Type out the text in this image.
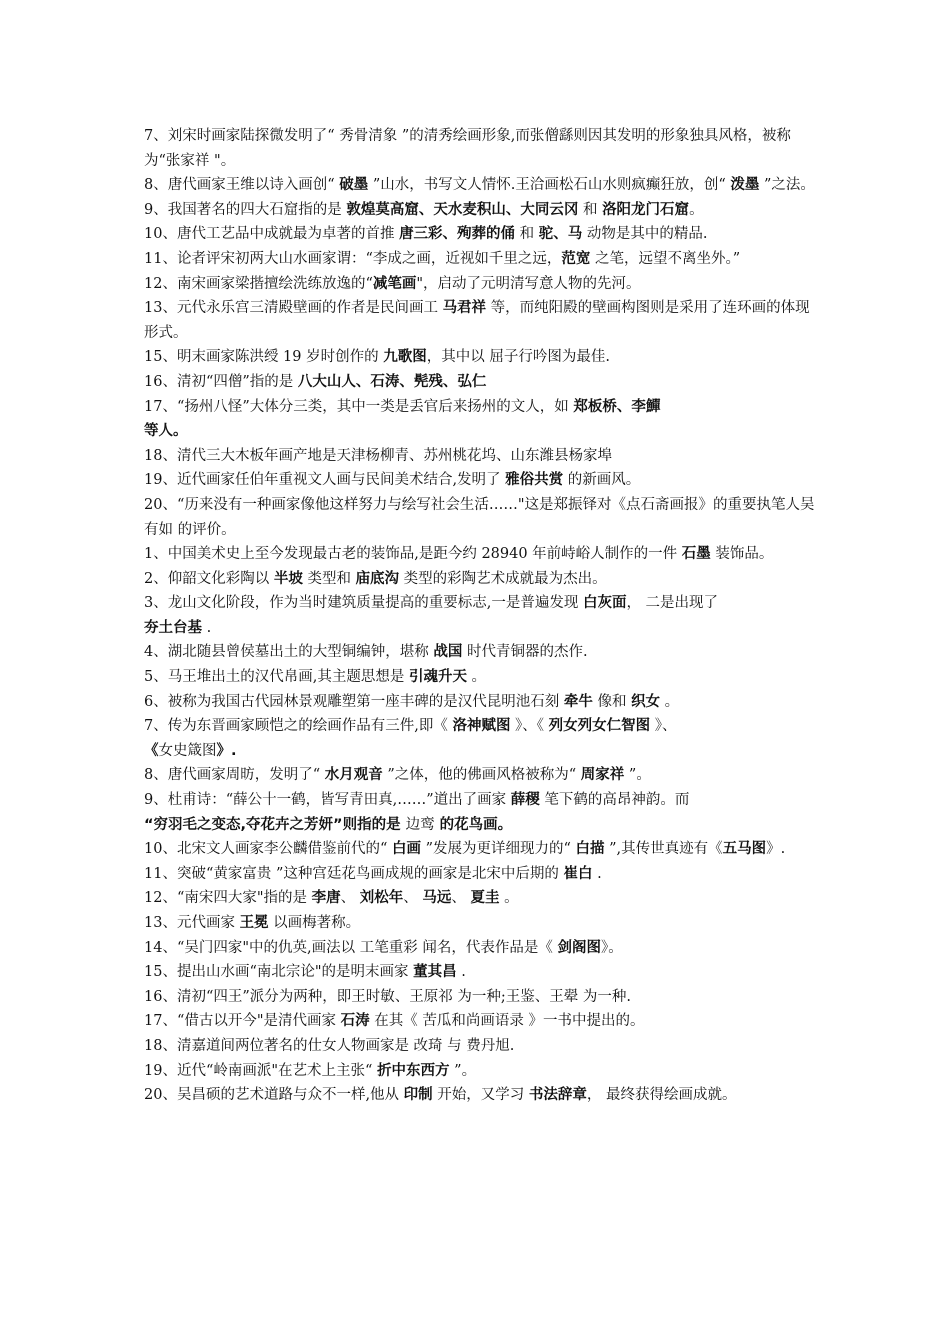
7、刘宋时画家陆探微发明了“ 秀骨清象 ”的清秀绘画形象,而张僧繇则因其发明的形象独具风格，被称为“张家祥 "。

8、唐代画家王维以诗入画创“ 破墨 ”山水，书写文人情怀.王洽画松石山水则疯癫狂放，创“ 泼墨 ”之法。

9、我国著名的四大石窟指的是 敦煌莫高窟、天水麦积山、大同云冈 和 洛阳龙门石窟。

10、唐代工艺品中成就最为卓著的首推 唐三彩、殉葬的俑 和 驼、马 动物是其中的精品.

11、论者评宋初两大山水画家谓：“李成之画，近视如千里之远，范宽 之笔，远望不离坐外。”

12、南宋画家梁揩擅绘洗练放逸的“减笔画"，启动了元明清写意人物的先河。

13、元代永乐宫三清殿壁画的作者是民间画工 马君祥 等，而纯阳殿的壁画构图则是采用了连环画的体现形式。

15、明末画家陈洪绶 19 岁时创作的 九歌图，其中以 屈子行吟图为最佳.

16、清初“四僧”指的是 八大山人、石涛、髡残、弘仁

17、“扬州八怪”大体分三类，其中一类是丢官后来扬州的文人，如 郑板桥、李鱓
等人。

18、清代三大木板年画产地是天津杨柳青、苏州桃花坞、山东潍县杨家埠

19、近代画家任伯年重视文人画与民间美术结合,发明了 雅俗共赏 的新画风。

20、“历来没有一种画家像他这样努力与绘写社会生活……"这是郑振铎对《点石斋画报》的重要执笔人吴有如 的评价。

1、中国美术史上至今发现最古老的装饰品,是距今约 28940 年前峙峪人制作的一件 石墨 装饰品。

2、仰韶文化彩陶以 半坡 类型和 庙底沟 类型的彩陶艺术成就最为杰出。

3、龙山文化阶段，作为当时建筑质量提高的重要标志,一是普遍发现 白灰面， 二是出现了
夯土台基 .

4、湖北随县曾侯墓出土的大型铜编钟，堪称 战国 时代青铜器的杰作.

5、马王堆出土的汉代帛画,其主题思想是 引魂升天 。

6、被称为我国古代园林景观雕塑第一座丰碑的是汉代昆明池石刻 牵牛 像和 织女 。

7、传为东晋画家顾恺之的绘画作品有三件,即《 洛神赋图 》、《 列女列女仁智图 》、
《女史箴图》.

8、唐代画家周昉，发明了“ 水月观音 ”之体，他的佛画风格被称为“ 周家祥 ”。

9、杜甫诗：“薛公十一鹤，皆写青田真,……”道出了画家 薛稷 笔下鹤的高昂神韵。而
“穷羽毛之变态,夺花卉之芳妍”则指的是 边鸾 的花鸟画。

10、北宋文人画家李公麟借鉴前代的“ 白画 ”发展为更详细现力的“ 白描 ”,其传世真迹有《五马图》.

11、突破“黄家富贵 ”这种宫廷花鸟画成规的画家是北宋中后期的 崔白 .

12、“南宋四大家"指的是 李唐、 刘松年、 马远、 夏圭 。

13、元代画家 王冕 以画梅著称。

14、“吴门四家"中的仇英,画法以 工笔重彩 闻名，代表作品是《 剑阁图》。

15、提出山水画“南北宗论"的是明末画家 董其昌 .

16、清初“四王”派分为两种，即王时敏、王原祁 为一种;王鉴、王翚 为一种.

17、“借古以开今"是清代画家 石涛 在其《 苦瓜和尚画语录 》一书中提出的。

18、清嘉道间两位著名的仕女人物画家是 改琦 与 费丹旭.

19、近代“岭南画派"在艺术上主张“ 折中东西方 ”。

20、吴昌硕的艺术道路与众不一样,他从 印制 开始，又学习 书法辞章， 最终获得绘画成就。
